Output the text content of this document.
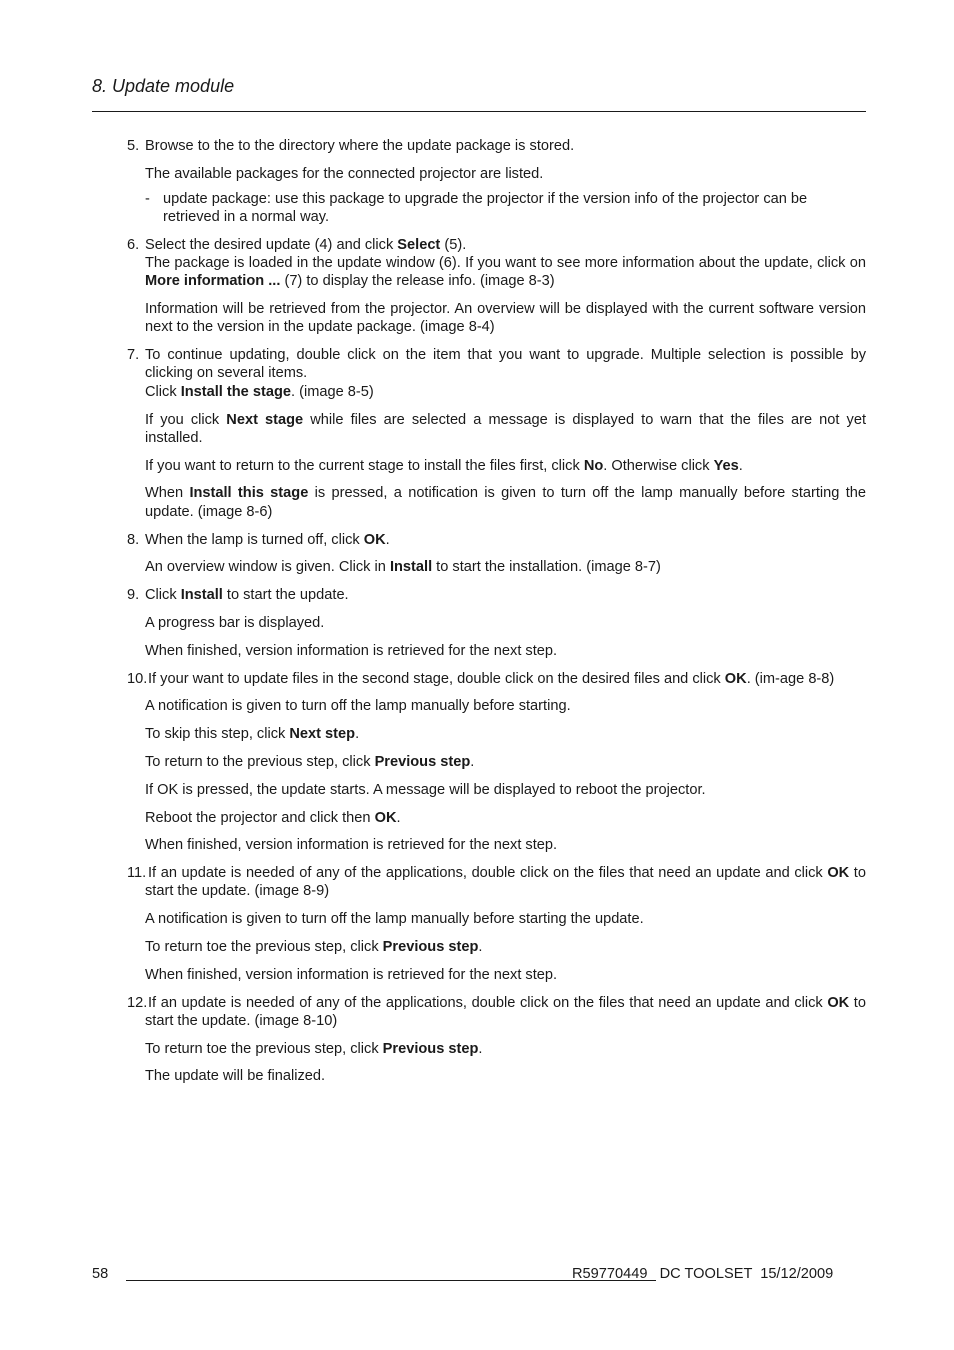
8. Update module
5. Browse to the to the directory where the update package is stored.

The available packages for the connected projector are listed.

- update package: use this package to upgrade the projector if the version info of the projector can be retrieved in a normal way.
6. Select the desired update (4) and click Select (5).
The package is loaded in the update window (6). If you want to see more information about the update, click on More information ... (7) to display the release info. (image 8-3)

Information will be retrieved from the projector. An overview will be displayed with the current software version next to the version in the update package. (image 8-4)

7. To continue updating, double click on the item that you want to upgrade. Multiple selection is possible by clicking on several items.

Click Install the stage. (image 8-5)

If you click Next stage while files are selected a message is displayed to warn that the files are not yet installed.

If you want to return to the current stage to install the files first, click No. Otherwise click Yes.

When Install this stage is pressed, a notification is given to turn off the lamp manually before starting the update. (image 8-6)

8. When the lamp is turned off, click OK.

An overview window is given. Click in Install to start the installation. (image 8-7)

9. Click Install to start the update.

A progress bar is displayed.

When finished, version information is retrieved for the next step.

10. If your want to update files in the second stage, double click on the desired files and click OK. (im-age 8-8)

A notification is given to turn off the lamp manually before starting.

To skip this step, click Next step.

To return to the previous step, click Previous step.

If OK is pressed, the update starts. A message will be displayed to reboot the projector.

Reboot the projector and click then OK.

When finished, version information is retrieved for the next step.

11. If an update is needed of any of the applications, double click on the files that need an update and click OK to start the update. (image 8-9)

A notification is given to turn off the lamp manually before starting the update.

To return toe the previous step, click Previous step.

When finished, version information is retrieved for the next step.

12. If an update is needed of any of the applications, double click on the files that need an update and click OK to start the update. (image 8-10)

To return toe the previous step, click Previous step.

The update will be finalized.

58	R59770449   DC TOOLSET  15/12/2009
